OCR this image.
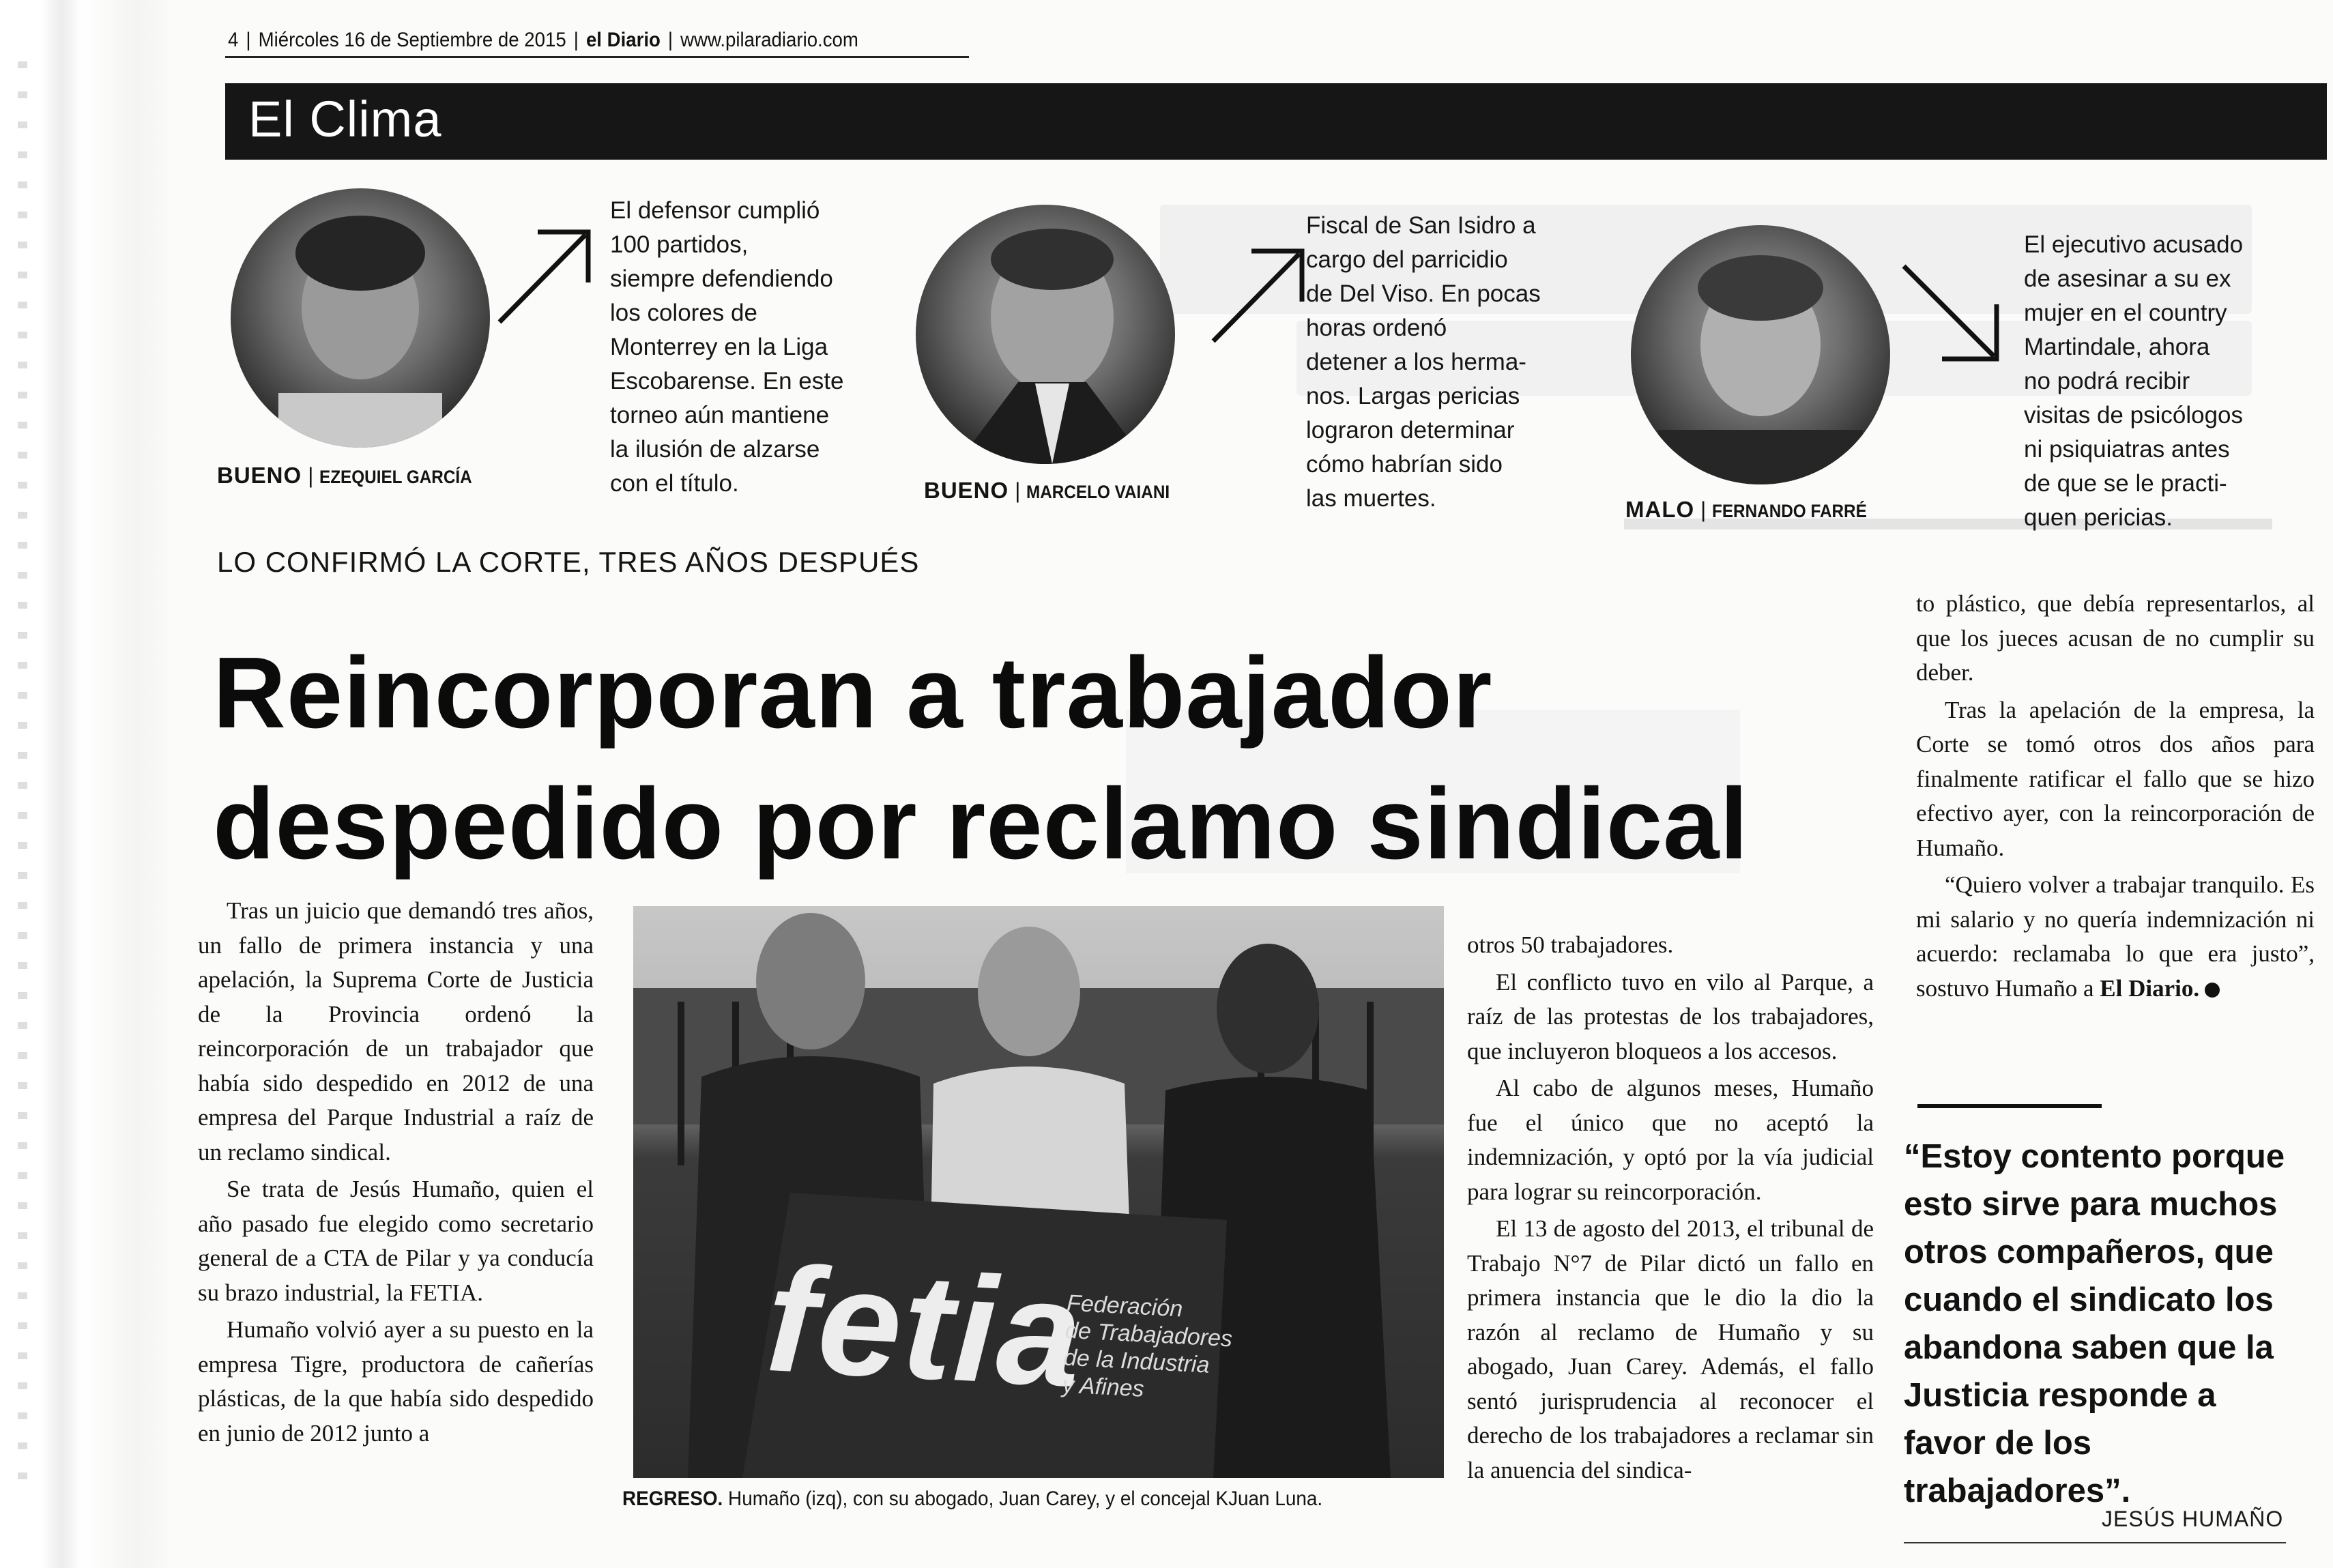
4 | Miércoles 16 de Septiembre de 2015 | el Diario | www.pilaradiario.com
El Clima
BUENO | EZEQUIEL GARCÍA
El defensor cumplió
100 partidos,
siempre defendiendo
los colores de
Monterrey en la Liga
Escobarense. En este
torneo aún mantiene
la ilusión de alzarse
con el título.	BUENO | MARCELO VAIANI
Fiscal de San Isidro a
cargo del parricidio
de Del Viso. En pocas
horas ordenó
detener a los herma-
nos. Largas pericias
lograron determinar
cómo habrían sido
las muertes.	MALO | FERNANDO FARRÉ
El ejecutivo acusado
de asesinar a su ex
mujer en el country
Martindale, ahora
no podrá recibir
visitas de psicólogos
ni psiquiatras antes
de que se le practi-
quen pericias.
LO CONFIRMÓ LA CORTE, TRES AÑOS DESPUÉS
Reincorporan a trabajador
despedido por reclamo sindical

Tras un juicio que demandó tres años, un fallo de primera instancia y una apelación, la Suprema Corte de Justicia de la Provincia ordenó la reincorporación de un trabajador que había sido despedido en 2012 de una empresa del Parque Industrial a raíz de un reclamo sindical.

Se trata de Jesús Humaño, quien el año pasado fue elegido como secretario general de a CTA de Pilar y ya conducía su brazo industrial, la FETIA.

Humaño volvió ayer a su puesto en la empresa Tigre, productora de cañerías plásticas, de la que había sido despedido en junio de 2012 junto a

fetia
Federación
de Trabajadores
de la Industria
y Afines
REGRESO. Humaño (izq), con su abogado, Juan Carey, y el concejal KJuan Luna.

otros 50 trabajadores.

El conflicto tuvo en vilo al Parque, a raíz de las protestas de los trabajadores, que incluyeron bloqueos a los accesos.

Al cabo de algunos meses, Humaño fue el único que no aceptó la indemnización, y optó por la vía judicial para lograr su reincorporación.

El 13 de agosto del 2013, el tribunal de Trabajo N°7 de Pilar dictó un fallo en primera instancia que le dio la dio la razón al reclamo de Humaño y su abogado, Juan Carey. Además, el fallo sentó jurisprudencia al reconocer el derecho de los trabajadores a reclamar sin la anuencia del sindica-

to plástico, que debía representarlos, al que los jueces acusan de no cumplir su deber.

Tras la apelación de la empresa, la Corte se tomó otros dos años para finalmente ratificar el fallo que se hizo efectivo ayer, con la reincorporación de Humaño.

“Quiero volver a trabajar tranquilo. Es mi salario y no quería indemnización ni acuerdo: reclamaba lo que era justo”, sostuvo Humaño a El Diario.

“Estoy contento porque esto sirve para muchos otros compañeros, que cuando el sindicato los abandona saben que la Justicia responde a favor de los trabajadores”.
JESÚS HUMAÑO
